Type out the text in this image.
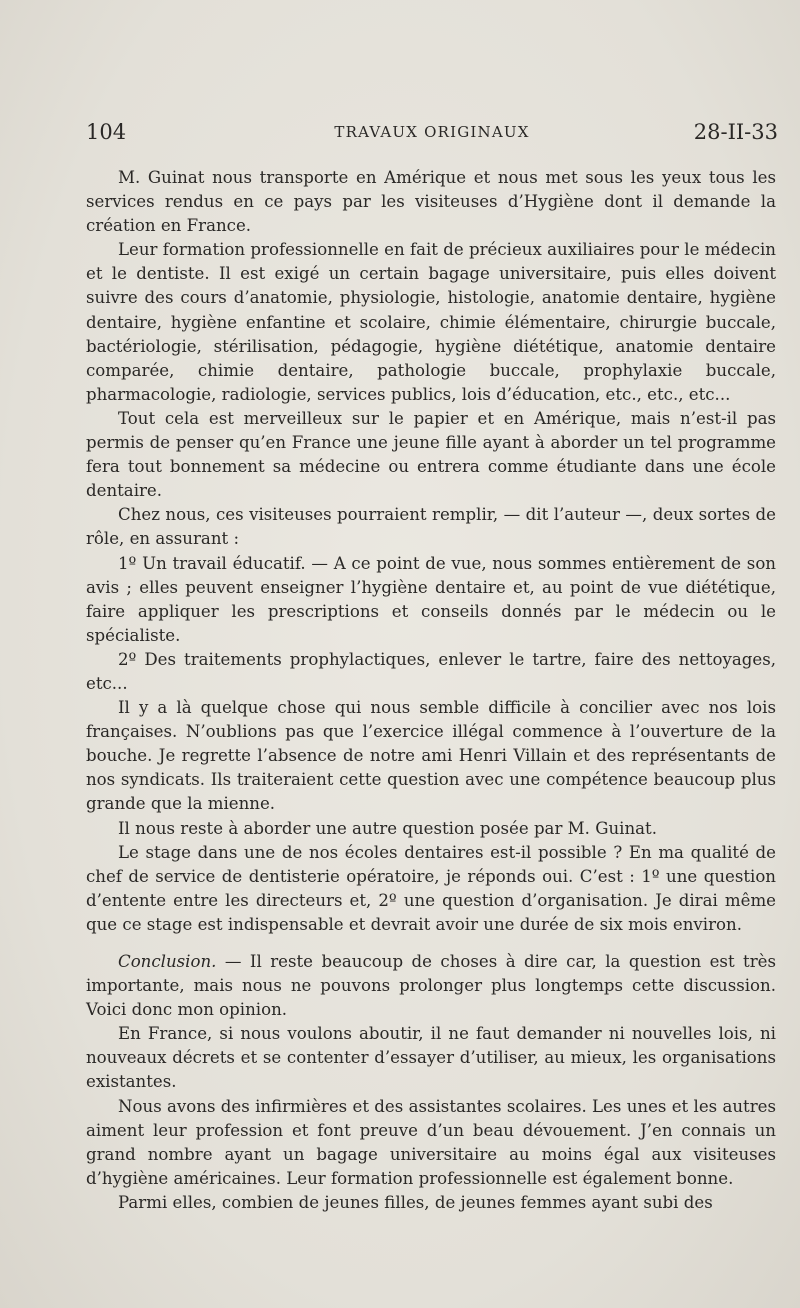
104	TRAVAUX ORIGINAUX	28-II-33

M. Guinat nous transporte en Amérique et nous met sous les yeux tous les services rendus en ce pays par les visiteuses d’Hygiène dont il demande la création en France.

Leur formation professionnelle en fait de précieux auxiliaires pour le médecin et le dentiste. Il est exigé un certain bagage universitaire, puis elles doivent suivre des cours d’anatomie, physiologie, histologie, anatomie dentaire, hygiène dentaire, hygiène enfantine et scolaire, chimie élémentaire, chirurgie buccale, bactériologie, stérilisation, pédagogie, hygiène diététique, anatomie dentaire comparée, chimie dentaire, pathologie buccale, prophylaxie buccale, pharmacologie, radiologie, services publics, lois d’éducation, etc., etc., etc...

Tout cela est merveilleux sur le papier et en Amérique, mais n’est-il pas permis de penser qu’en France une jeune fille ayant à aborder un tel programme fera tout bonnement sa médecine ou entrera comme étudiante dans une école dentaire.

Chez nous, ces visiteuses pourraient remplir, — dit l’auteur —, deux sortes de rôle, en assurant :

1º Un travail éducatif. — A ce point de vue, nous sommes entièrement de son avis ; elles peuvent enseigner l’hygiène dentaire et, au point de vue diététique, faire appliquer les prescriptions et conseils donnés par le médecin ou le spécialiste.

2º Des traitements prophylactiques, enlever le tartre, faire des nettoyages, etc...

Il y a là quelque chose qui nous semble difficile à concilier avec nos lois françaises. N’oublions pas que l’exercice illégal commence à l’ouverture de la bouche. Je regrette l’absence de notre ami Henri Villain et des représentants de nos syndicats. Ils traiteraient cette question avec une compétence beaucoup plus grande que la mienne.

Il nous reste à aborder une autre question posée par M. Guinat.

Le stage dans une de nos écoles dentaires est-il possible ? En ma qualité de chef de service de dentisterie opératoire, je réponds oui. C’est : 1º une question d’entente entre les directeurs et, 2º une question d’organisation. Je dirai même que ce stage est indispensable et devrait avoir une durée de six mois environ.

Conclusion. — Il reste beaucoup de choses à dire car, la question est très importante, mais nous ne pouvons prolonger plus longtemps cette discussion. Voici donc mon opinion.

En France, si nous voulons aboutir, il ne faut demander ni nouvelles lois, ni nouveaux décrets et se contenter d’essayer d’utiliser, au mieux, les organisations existantes.

Nous avons des infirmières et des assistantes scolaires. Les unes et les autres aiment leur profession et font preuve d’un beau dévouement. J’en connais un grand nombre ayant un bagage universitaire au moins égal aux visiteuses d’hygiène américaines. Leur formation professionnelle est également bonne.

Parmi elles, combien de jeunes filles, de jeunes femmes ayant subi des
